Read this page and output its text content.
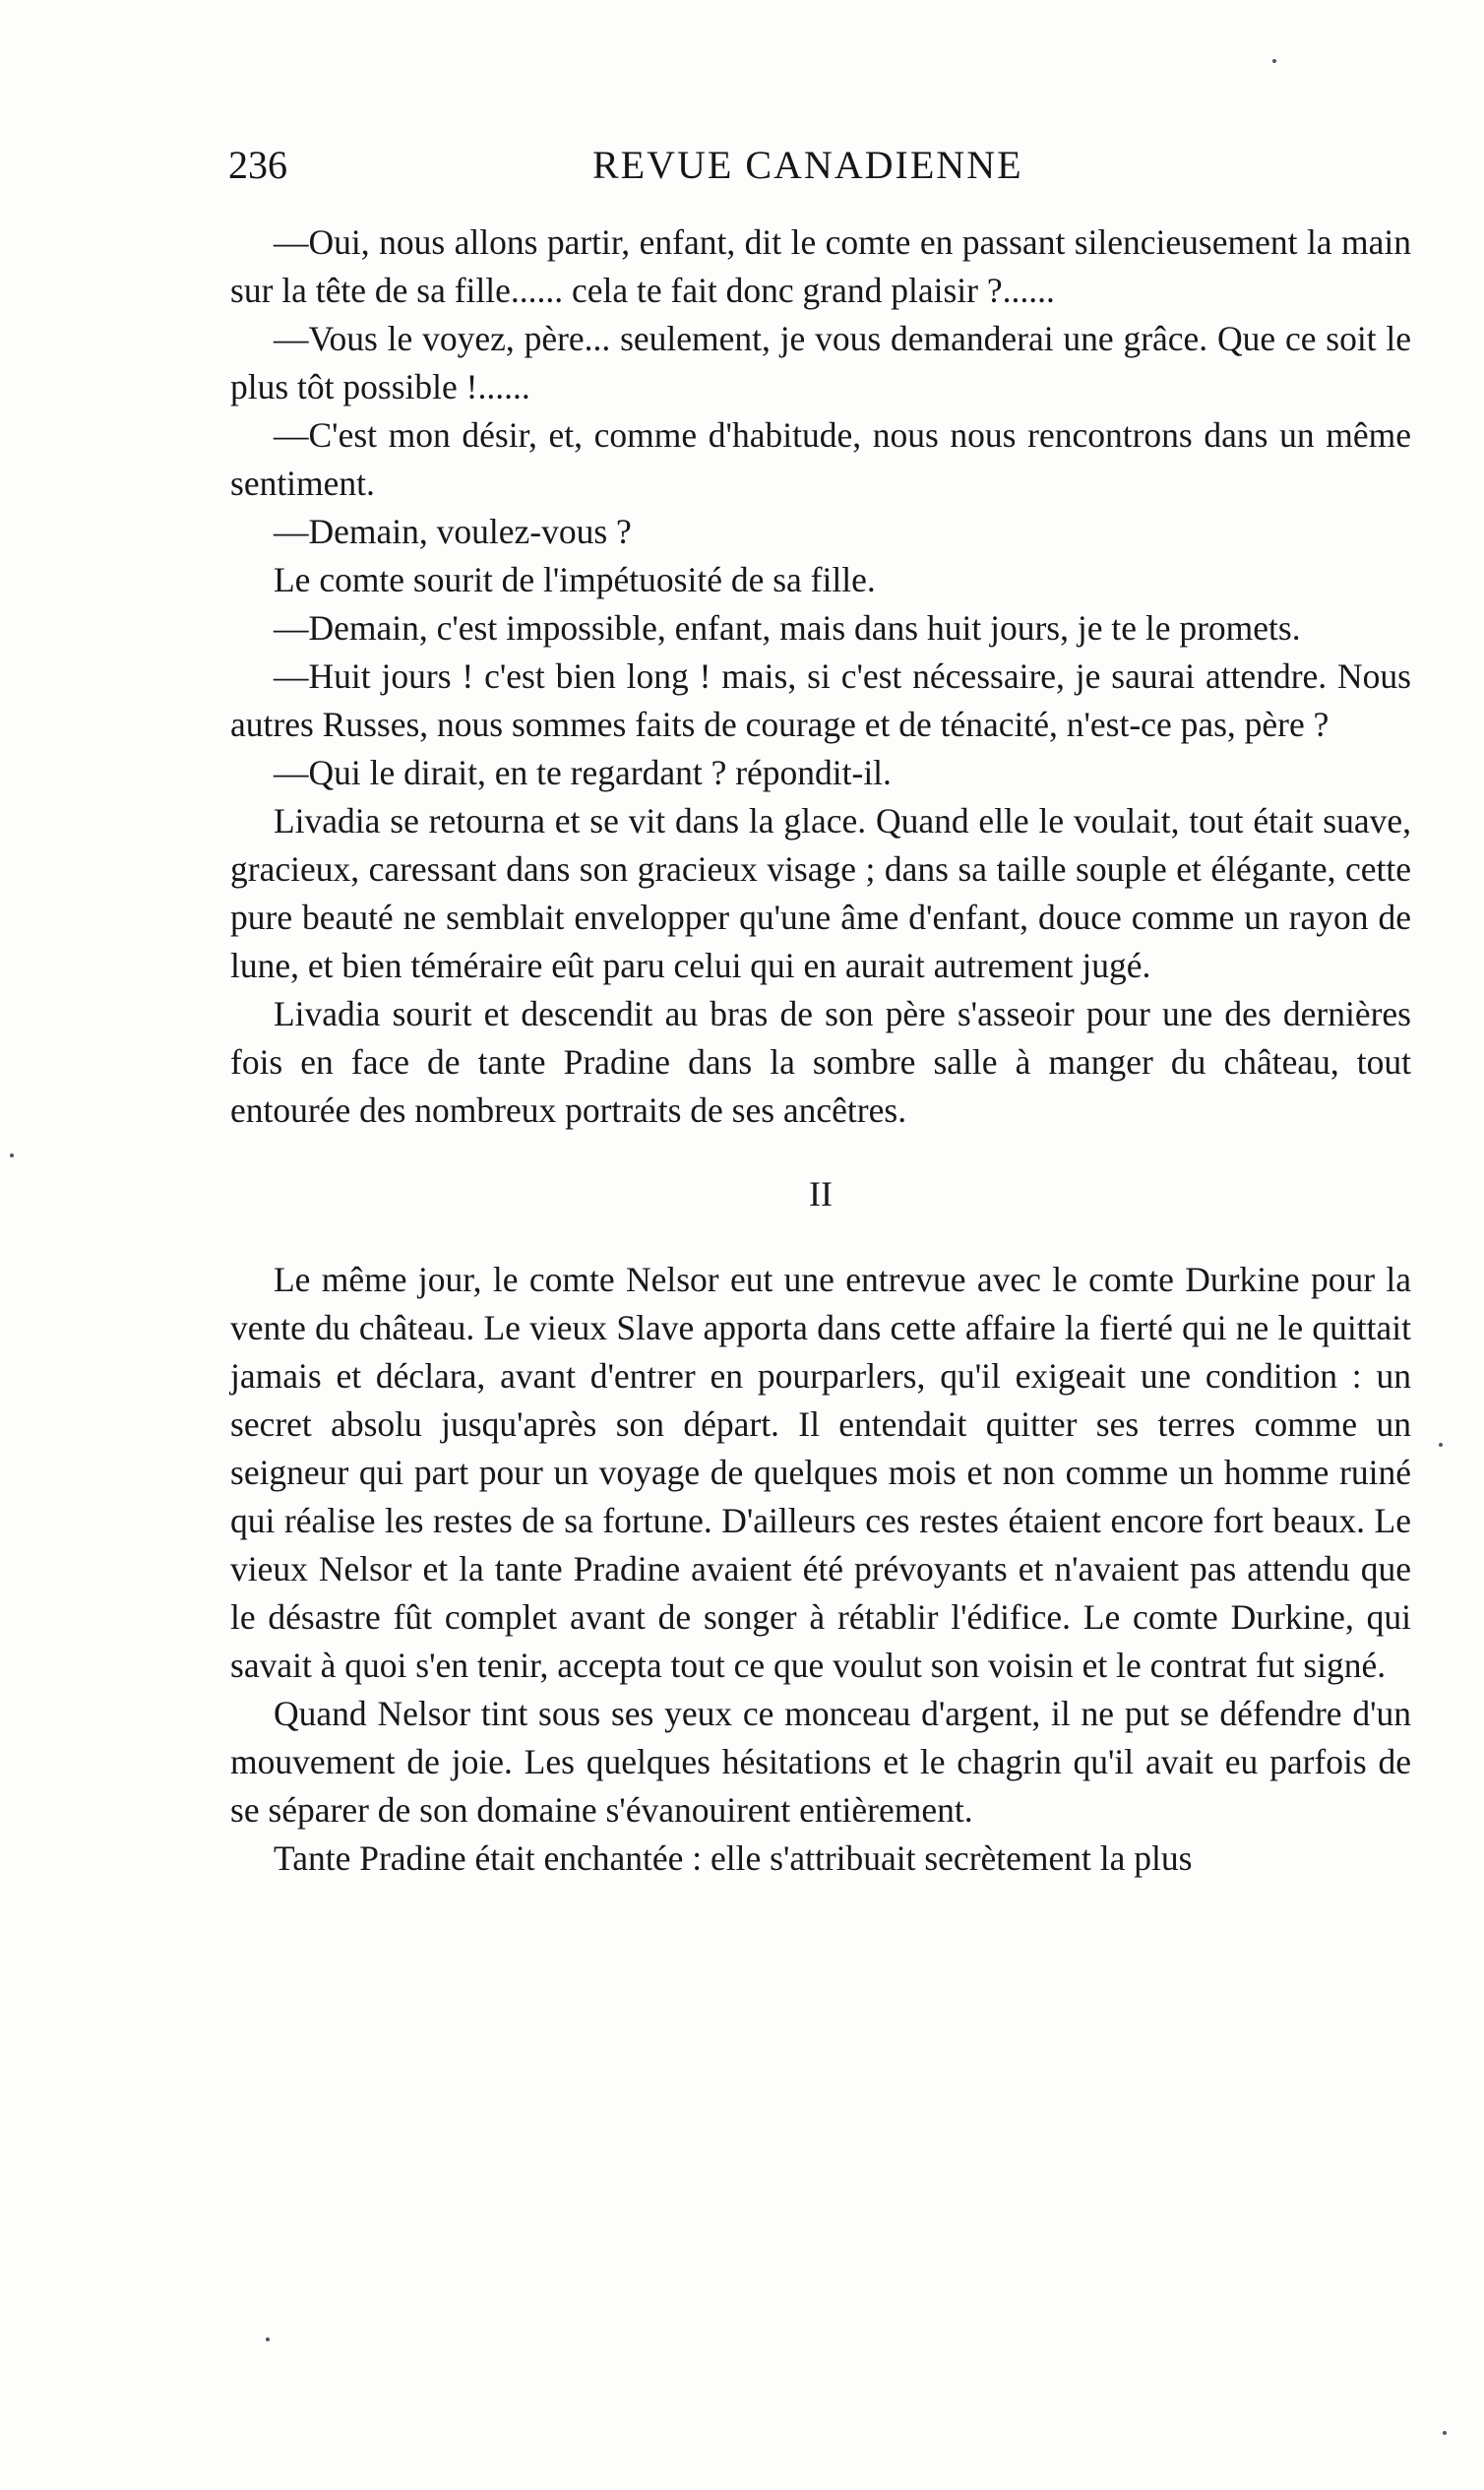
236	REVUE CANADIENNE

—Oui, nous allons partir, enfant, dit le comte en passant silencieusement la main sur la tête de sa fille...... cela te fait donc grand plaisir ?......

—Vous le voyez, père... seulement, je vous demanderai une grâce. Que ce soit le plus tôt possible !......

—C'est mon désir, et, comme d'habitude, nous nous rencontrons dans un même sentiment.

—Demain, voulez-vous ?

Le comte sourit de l'impétuosité de sa fille.

—Demain, c'est impossible, enfant, mais dans huit jours, je te le promets.

—Huit jours ! c'est bien long ! mais, si c'est nécessaire, je saurai attendre. Nous autres Russes, nous sommes faits de courage et de ténacité, n'est-ce pas, père ?

—Qui le dirait, en te regardant ? répondit-il.

Livadia se retourna et se vit dans la glace. Quand elle le voulait, tout était suave, gracieux, caressant dans son gracieux visage ; dans sa taille souple et élégante, cette pure beauté ne semblait envelopper qu'une âme d'enfant, douce comme un rayon de lune, et bien téméraire eût paru celui qui en aurait autrement jugé.

Livadia sourit et descendit au bras de son père s'asseoir pour une des dernières fois en face de tante Pradine dans la sombre salle à manger du château, tout entourée des nombreux portraits de ses ancêtres.

II

Le même jour, le comte Nelsor eut une entrevue avec le comte Durkine pour la vente du château. Le vieux Slave apporta dans cette affaire la fierté qui ne le quittait jamais et déclara, avant d'entrer en pourparlers, qu'il exigeait une condition : un secret absolu jusqu'après son départ. Il entendait quitter ses terres comme un seigneur qui part pour un voyage de quelques mois et non comme un homme ruiné qui réalise les restes de sa fortune. D'ailleurs ces restes étaient encore fort beaux. Le vieux Nelsor et la tante Pradine avaient été prévoyants et n'avaient pas attendu que le désastre fût complet avant de songer à rétablir l'édifice. Le comte Durkine, qui savait à quoi s'en tenir, accepta tout ce que voulut son voisin et le contrat fut signé.

Quand Nelsor tint sous ses yeux ce monceau d'argent, il ne put se défendre d'un mouvement de joie. Les quelques hésitations et le chagrin qu'il avait eu parfois de se séparer de son domaine s'évanouirent entièrement.

Tante Pradine était enchantée : elle s'attribuait secrètement la plus
